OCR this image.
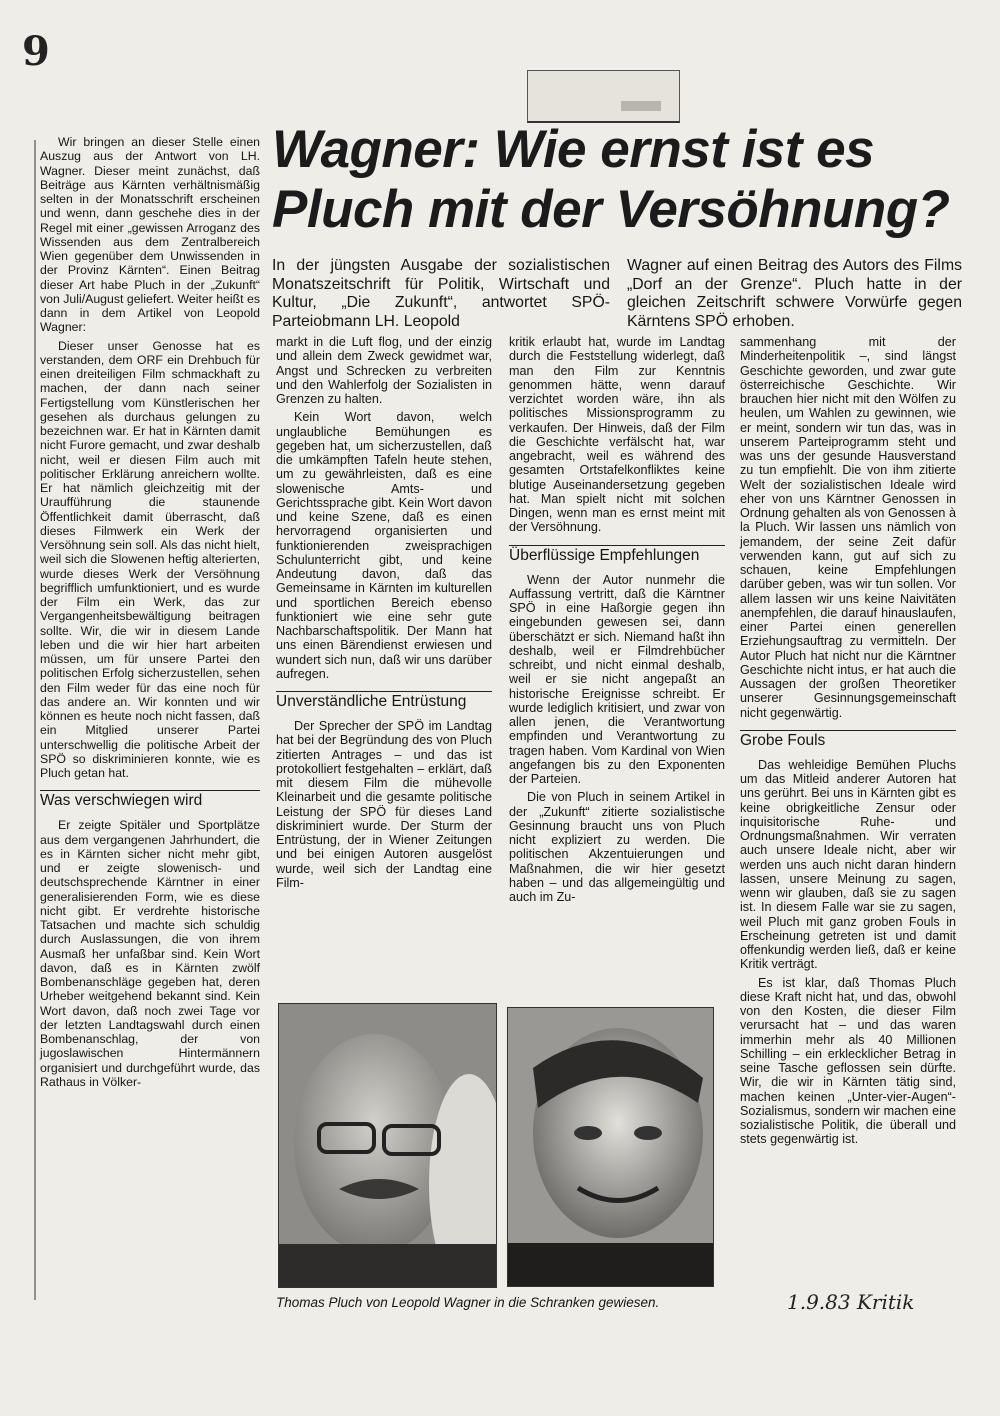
9

Wir bringen an dieser Stelle einen Auszug aus der Antwort von LH. Wagner. Dieser meint zunächst, daß Beiträge aus Kärnten verhältnismäßig selten in der Monatsschrift erscheinen und wenn, dann geschehe dies in der Regel mit einer „gewissen Arroganz des Wissenden aus dem Zentralbereich Wien gegenüber dem Unwissenden in der Provinz Kärnten“. Einen Beitrag dieser Art habe Pluch in der „Zukunft“ von Juli/August geliefert. Weiter heißt es dann in dem Artikel von Leopold Wagner:

Dieser unser Genosse hat es verstanden, dem ORF ein Drehbuch für einen dreiteiligen Film schmackhaft zu machen, der dann nach seiner Fertigstellung vom Künstlerischen her gesehen als durchaus gelungen zu bezeichnen war. Er hat in Kärnten damit nicht Furore gemacht, und zwar deshalb nicht, weil er diesen Film auch mit politischer Erklärung anreichern wollte. Er hat nämlich gleichzeitig mit der Uraufführung die staunende Öffentlichkeit damit überrascht, daß dieses Filmwerk ein Werk der Versöhnung sein soll. Als das nicht hielt, weil sich die Slowenen heftig alterierten, wurde dieses Werk der Versöhnung begrifflich umfunktioniert, und es wurde der Film ein Werk, das zur Vergangenheitsbewältigung beitragen sollte. Wir, die wir in diesem Lande leben und die wir hier hart arbeiten müssen, um für unsere Partei den politischen Erfolg sicherzustellen, sehen den Film weder für das eine noch für das andere an. Wir konnten und wir können es heute noch nicht fassen, daß ein Mitglied unserer Partei unterschwellig die politische Arbeit der SPÖ so diskriminieren konnte, wie es Pluch getan hat.

Was verschwiegen wird

Er zeigte Spitäler und Sportplätze aus dem vergangenen Jahrhundert, die es in Kärnten sicher nicht mehr gibt, und er zeigte slowenisch- und deutschsprechende Kärntner in einer generalisierenden Form, wie es diese nicht gibt. Er verdrehte historische Tatsachen und machte sich schuldig durch Auslassungen, die von ihrem Ausmaß her unfaßbar sind. Kein Wort davon, daß es in Kärnten zwölf Bombenanschläge gegeben hat, deren Urheber weitgehend bekannt sind. Kein Wort davon, daß noch zwei Tage vor der letzten Landtagswahl durch einen Bombenanschlag, der von jugoslawischen Hintermännern organisiert und durchgeführt wurde, das Rathaus in Völker-

Wagner: Wie ernst ist es
Pluch mit der Versöhnung?
In der jüngsten Ausgabe der sozialistischen Monatszeitschrift für Politik, Wirtschaft und Kultur, „Die Zukunft“, antwortet SPÖ-Parteiobmann LH. Leopold
Wagner auf einen Beitrag des Autors des Films „Dorf an der Grenze“. Pluch hatte in der gleichen Zeitschrift schwere Vorwürfe gegen Kärntens SPÖ erhoben.

markt in die Luft flog, und der einzig und allein dem Zweck gewidmet war, Angst und Schrecken zu verbreiten und den Wahlerfolg der Sozialisten in Grenzen zu halten.

Kein Wort davon, welch unglaubliche Bemühungen es gegeben hat, um sicherzustellen, daß die umkämpften Tafeln heute stehen, um zu gewährleisten, daß es eine slowenische Amts- und Gerichtssprache gibt. Kein Wort davon und keine Szene, daß es einen hervorragend organisierten und funktionierenden zweisprachigen Schulunterricht gibt, und keine Andeutung davon, daß das Gemeinsame in Kärnten im kulturellen und sportlichen Bereich ebenso funktioniert wie eine sehr gute Nachbarschaftspolitik. Der Mann hat uns einen Bärendienst erwiesen und wundert sich nun, daß wir uns darüber aufregen.

Unverständliche Entrüstung

Der Sprecher der SPÖ im Landtag hat bei der Begründung des von Pluch zitierten Antrages – und das ist protokolliert festgehalten – erklärt, daß mit diesem Film die mühevolle Kleinarbeit und die gesamte politische Leistung der SPÖ für dieses Land diskriminiert wurde. Der Sturm der Entrüstung, der in Wiener Zeitungen und bei einigen Autoren ausgelöst wurde, weil sich der Landtag eine Film-

kritik erlaubt hat, wurde im Landtag durch die Feststellung widerlegt, daß man den Film zur Kenntnis genommen hätte, wenn darauf verzichtet worden wäre, ihn als politisches Missionsprogramm zu verkaufen. Der Hinweis, daß der Film die Geschichte verfälscht hat, war angebracht, weil es während des gesamten Ortstafelkonfliktes keine blutige Auseinandersetzung gegeben hat. Man spielt nicht mit solchen Dingen, wenn man es ernst meint mit der Versöhnung.

Überflüssige Empfehlungen

Wenn der Autor nunmehr die Auffassung vertritt, daß die Kärntner SPÖ in eine Haßorgie gegen ihn eingebunden gewesen sei, dann überschätzt er sich. Niemand haßt ihn deshalb, weil er Filmdrehbücher schreibt, und nicht einmal deshalb, weil er sie nicht angepaßt an historische Ereignisse schreibt. Er wurde lediglich kritisiert, und zwar von allen jenen, die Verantwortung empfinden und Verantwortung zu tragen haben. Vom Kardinal von Wien angefangen bis zu den Exponenten der Parteien.

Die von Pluch in seinem Artikel in der „Zukunft“ zitierte sozialistische Gesinnung braucht uns von Pluch nicht expliziert zu werden. Die politischen Akzentuierungen und Maßnahmen, die wir hier gesetzt haben – und das allgemeingültig und auch im Zu-

sammenhang mit der Minderheitenpolitik –, sind längst Geschichte geworden, und zwar gute österreichische Geschichte. Wir brauchen hier nicht mit den Wölfen zu heulen, um Wahlen zu gewinnen, wie er meint, sondern wir tun das, was in unserem Parteiprogramm steht und was uns der gesunde Hausverstand zu tun empfiehlt. Die von ihm zitierte Welt der sozialistischen Ideale wird eher von uns Kärntner Genossen in Ordnung gehalten als von Genossen à la Pluch. Wir lassen uns nämlich von jemandem, der seine Zeit dafür verwenden kann, gut auf sich zu schauen, keine Empfehlungen darüber geben, was wir tun sollen. Vor allem lassen wir uns keine Naivitäten anempfehlen, die darauf hinauslaufen, einer Partei einen generellen Erziehungsauftrag zu vermitteln. Der Autor Pluch hat nicht nur die Kärntner Geschichte nicht intus, er hat auch die Aussagen der großen Theoretiker unserer Gesinnungsgemeinschaft nicht gegenwärtig.

Grobe Fouls

Das wehleidige Bemühen Pluchs um das Mitleid anderer Autoren hat uns gerührt. Bei uns in Kärnten gibt es keine obrigkeitliche Zensur oder inquisitorische Ruhe- und Ordnungsmaßnahmen. Wir verraten auch unsere Ideale nicht, aber wir werden uns auch nicht daran hindern lassen, unsere Meinung zu sagen, wenn wir glauben, daß sie zu sagen ist. In diesem Falle war sie zu sagen, weil Pluch mit ganz groben Fouls in Erscheinung getreten ist und damit offenkundig werden ließ, daß er keine Kritik verträgt.

Es ist klar, daß Thomas Pluch diese Kraft nicht hat, und das, obwohl von den Kosten, die dieser Film verursacht hat – und das waren immerhin mehr als 40 Millionen Schilling – ein erklecklicher Betrag in seine Tasche geflossen sein dürfte. Wir, die wir in Kärnten tätig sind, machen keinen „Unter-vier-Augen“-Sozialismus, sondern wir machen eine sozialistische Politik, die überall und stets gegenwärtig ist.

Thomas Pluch von Leopold Wagner in die Schranken gewiesen.	1.9.83 Kritik
